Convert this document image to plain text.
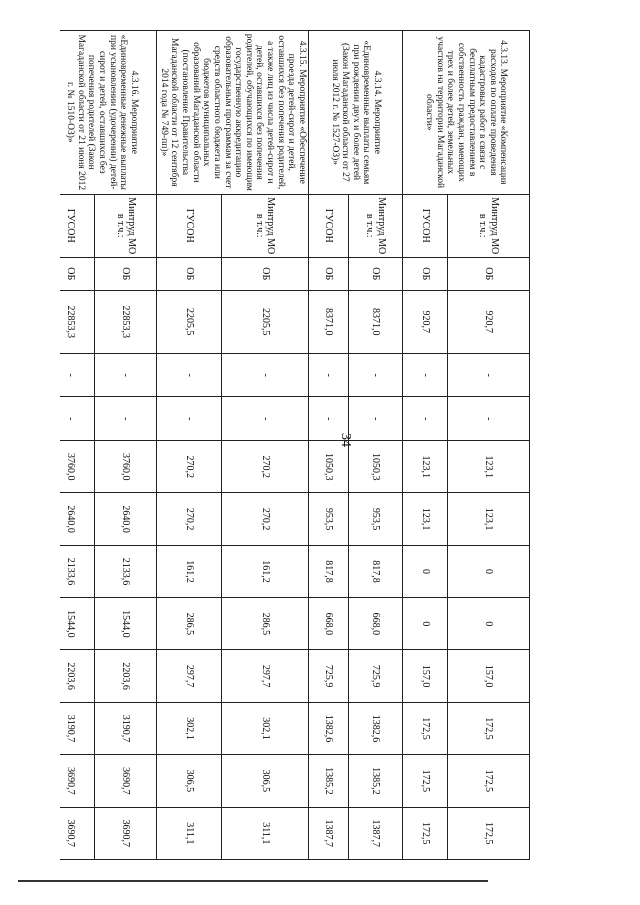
34
4.3.13. Мероприятие «Компенсация расходов по оплате проведения кадастровых работ в связи с бесплатным предоставлением в собственность граждан, имеющих трех и более детей, земельных участков на территории Магаданской области»	Минтруд МО в т.ч.:	ОБ	920,7	-	-	123,1	123,1	0	0	157,0	172,5	172,5	172,5
	ГУСОН	ОБ	920,7	-	-	123,1	123,1	0	0	157,0	172,5	172,5	172,5
4.3.14. Мероприятие «Единовременные выплаты семьям при рождении двух и более детей (Закон Магаданской области от 27 июля 2012 г. № 1527-ОЗ)»	Минтруд МО в т.ч.:	ОБ	8371,0	-	-	1050,3	953,5	817,8	668,0	725,9	1382,6	1385,2	1387,7
	ГУСОН	ОБ	8371,0	-	-	1050,3	953,5	817,8	668,0	725,9	1382,6	1385,2	1387,7
4.3.15. Мероприятие «Обеспечение проезда детей-сирот и детей, оставшихся без попечения родителей, а также лиц из числа детей-сирот и детей, оставшихся без попечения родителей, обучающихся по имеющим государственную аккредитацию образовательным программам за счет средств областного бюджета или бюджетов муниципальных образований Магаданской области (постановление Правительства Магаданской области от 12 сентября 2014 года № 749-пп)»	Минтруд МО в т.ч.:	ОБ	2205,5	-	-	270,2	270,2	161,2	286,5	297,7	302,1	306,5	311,1
	ГУСОН	ОБ	2205,5	-	-	270,2	270,2	161,2	286,5	297,7	302,1	306,5	311,1
4.3.16. Мероприятие «Единовременные денежные выплаты при усыновлении (удочерении) детей-сирот и детей, оставшихся без попечения родителей (Закон Магаданской области от 21 июня 2012 г. № 1510-ОЗ)»	Минтруд МО в т.ч.:	ОБ	22853,3	-	-	3760,0	2640,0	2133,6	1544,0	2203,6	3190,7	3690,7	3690,7
	ГУСОН	ОБ	22853,3	-	-	3760,0	2640,0	2133,6	1544,0	2203,6	3190,7	3690,7	3690,7
